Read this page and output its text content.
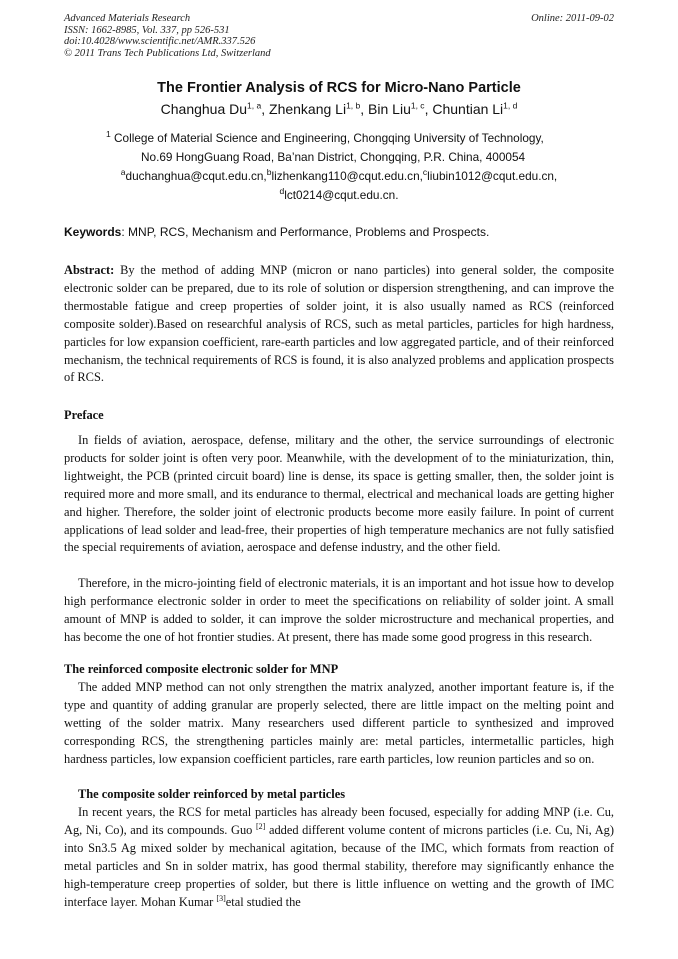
Advanced Materials Research
ISSN: 1662-8985, Vol. 337, pp 526-531
doi:10.4028/www.scientific.net/AMR.337.526
© 2011 Trans Tech Publications Ltd, Switzerland
Online: 2011-09-02
The Frontier Analysis of RCS for Micro-Nano Particle
Changhua Du$^{1, a}$, Zhenkang Li$^{1, b}$, Bin Liu$^{1, c}$, Chuntian Li$^{1, d}$
$^1$ College of Material Science and Engineering, Chongqing University of Technology,
No.69 HongGuang Road, Ba’nan District, Chongqing, P.R. China, 400054
$^a$duchanghua@cqut.edu.cn,$^b$lizhenkang110@cqut.edu.cn,$^c$liubin1012@cqut.edu.cn,
$^d$lct0214@cqut.edu.cn.
Keywords: MNP, RCS, Mechanism and Performance, Problems and Prospects.
Abstract: By the method of adding MNP (micron or nano particles) into general solder, the composite electronic solder can be prepared, due to its role of solution or dispersion strengthening, and can improve the thermostable fatigue and creep properties of solder joint, it is also usually named as RCS (reinforced composite solder).Based on researchful analysis of RCS, such as metal particles, particles for high hardness, particles for low expansion coefficient, rare-earth particles and low aggregated particle, and of their reinforced mechanism, the technical requirements of RCS is found, it is also analyzed problems and application prospects of RCS.
Preface
In fields of aviation, aerospace, defense, military and the other, the service surroundings of electronic products for solder joint is often very poor. Meanwhile, with the development of to the miniaturization, thin, lightweight, the PCB (printed circuit board) line is dense, its space is getting smaller, then, the solder joint is required more and more small, and its endurance to thermal, electrical and mechanical loads are getting higher and higher. Therefore, the solder joint of electronic products become more easily failure. In point of current applications of lead solder and lead-free, their properties of high temperature mechanics are not fully satisfied the special requirements of aviation, aerospace and defense industry, and the other field.
Therefore, in the micro-jointing field of electronic materials, it is an important and hot issue how to develop high performance electronic solder in order to meet the specifications on reliability of solder joint. A small amount of MNP is added to solder, it can improve the solder microstructure and mechanical properties, and has become the one of hot frontier studies. At present, there has made some good progress in this research.
The reinforced composite electronic solder for MNP
The added MNP method can not only strengthen the matrix analyzed, another important feature is, if the type and quantity of adding granular are properly selected, there are little impact on the melting point and wetting of the solder matrix. Many researchers used different particle to synthesized and improved corresponding RCS, the strengthening particles mainly are: metal particles, intermetallic particles, high hardness particles, low expansion coefficient particles, rare earth particles, low reunion particles and so on.
The composite solder reinforced by metal particles
In recent years, the RCS for metal particles has already been focused, especially for adding MNP (i.e. Cu, Ag, Ni, Co), and its compounds. Guo [2] added different volume content of microns particles (i.e. Cu, Ni, Ag) into Sn3.5 Ag mixed solder by mechanical agitation, because of the IMC, which formats from reaction of metal particles and Sn in solder matrix, has good thermal stability, therefore may significantly enhance the high-temperature creep properties of solder, but there is little influence on wetting and the growth of IMC interface layer. Mohan Kumar [3]etal studied the
